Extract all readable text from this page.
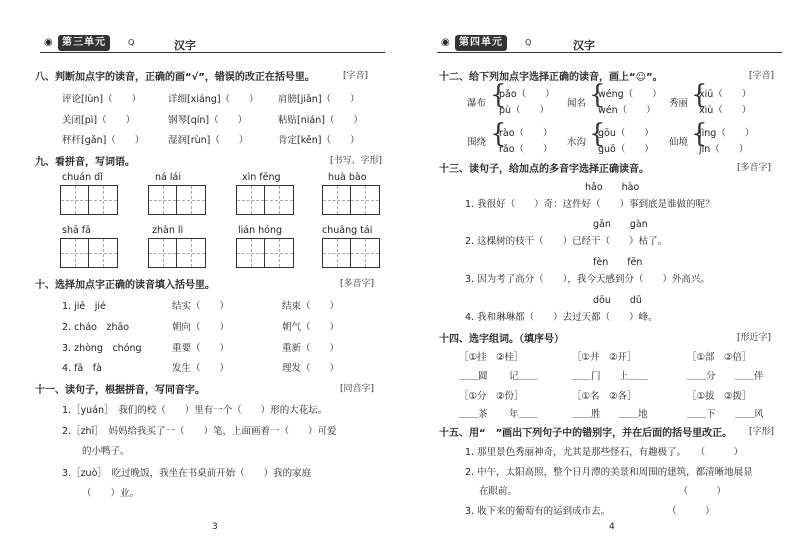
◉ 第三单元	Q	汉字
八、判断加点字的读音，正确的画“√”，错误的改正在括号里。	[字音]
评论[lùn]（　　）	详细[xiáng]（　　） 肩膀[jiān]（　　）
关闭[pì]（　　）	钢琴[qín]（　　）	粘贴[nián]（　　）
秤杆[gǎn]（　　） 湿润[rùn]（　　）	肯定[kěn]（　　）
九、看拼音，写词语。	[书写、字形]
chuán dǐ	ná lái	xìn fēng	huà bào
shā fā	zhàn lì	lián hóng	chuāng tái
十、选择加点字正确的读音填入括号里。	[多音字]
1. jiē　jié	结实（　　）	结束（　　）
2. cháo　zhāo	朝向（　　）	朝气（　　）
3. zhòng　chóng	重要（　　）	重新（　　）
4. fā　fà	发生（　　）	理发（　　）
十一、读句子，根据拼音，写同音字。	[同音字]
1.［yuán］　我们的校（　　）里有一个（　　）形的大花坛。
2.［zhī］　妈妈给我买了一（　　）笔，上面画着一（　　）可爱
的小鸭子。
3.［zuò］　吃过晚饭，我坐在书桌前开始（　　）我的家庭
（　　）业。
3
◉ 第四单元	Q	汉字
十二、给下列加点字选择正确的读音，画上“☺”。	[字音]
瀑布 {
pǎo（　　）
pù（　　）
闻名 {
wéng（　　）
wén（　　）
秀丽 {
xiū（　　）
xiù（　　）
围绕 {
rào（　　）
rǎo（　　）
水沟 {
gōu（　　）
guō（　　）
仙境 {
jìng（　　）
jìn（　　）
十三、读句子，给加点的多音字选择正确读音。	[多音字]
hǎo　　hào
1. 我很好（　　）奇：这件好（　　）事到底是谁做的呢？
gān　　gàn
2. 这棵树的枝干（　　）已经干（　　）枯了。
fèn　　fēn
3. 因为考了高分（　　），我今天感到分（　　）外高兴。
dōu　　dū
4. 我和琳琳都（　　）去过天都（　　）峰。
十四、选字组词。（填序号）	[形近字]
［①挂　②桂］	［①井　②开］	［①部　②倍］
＿＿圆 记＿＿	＿＿门 上＿＿	＿＿分 ＿＿伴
［①分　②份］	［①名　②各］	［①拔　②拨］
＿＿茶 年＿＿	＿＿胜 ＿＿地	＿＿下 ＿＿风
十五、用“　”画出下列句子中的错别字，并在后面的括号里改正。 [字形]
1. 那里景色秀丽神奇，尤其是那些怪石，有趣极了。　　（　　　）
2. 中午，太阳高照，整个日月潭的美景和周围的建筑，都清晰地展显
在眼前。　　　　　　　　　　　　　　　　　　（　　　）
3. 收下来的葡萄有的运到成市去。　　　　　　　（　　　）
4
